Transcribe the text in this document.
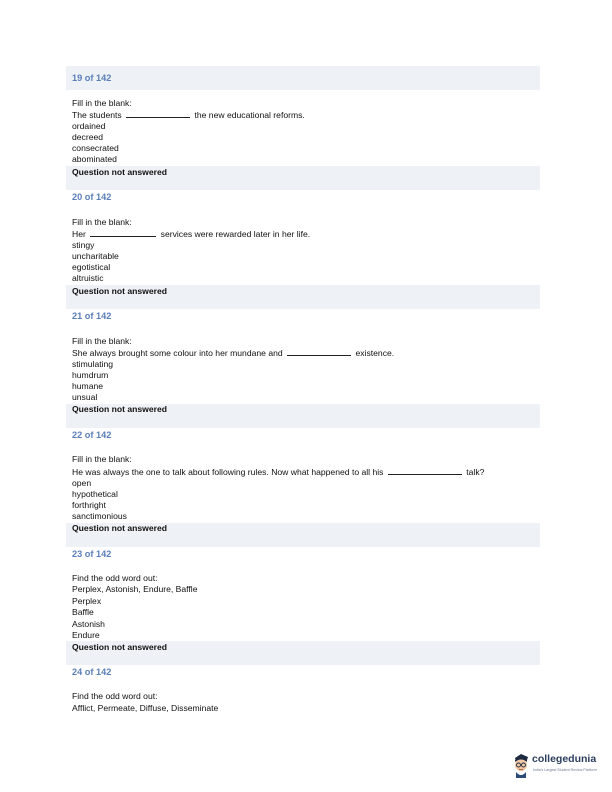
19 of 142
Fill in the blank:
The students	the new educational reforms.
ordained
decreed
consecrated
abominated
Question not answered
20 of 142
Fill in the blank:
Her	services were rewarded later in her life.
stingy
uncharitable
egotistical
altruistic
Question not answered
21 of 142
Fill in the blank:
She always brought some colour into her mundane and	existence.
stimulating
humdrum
humane
unsual
Question not answered
22 of 142
Fill in the blank:
He was always the one to talk about following rules. Now what happened to all his	talk?
open
hypothetical
forthright
sanctimonious
Question not answered
23 of 142
Find the odd word out:
Perplex, Astonish, Endure, Baffle
Perplex
Baffle
Astonish
Endure
Question not answered
24 of 142
Find the odd word out:
Afflict, Permeate, Diffuse, Disseminate
collegedunia
India's Largest Student Review Platform
